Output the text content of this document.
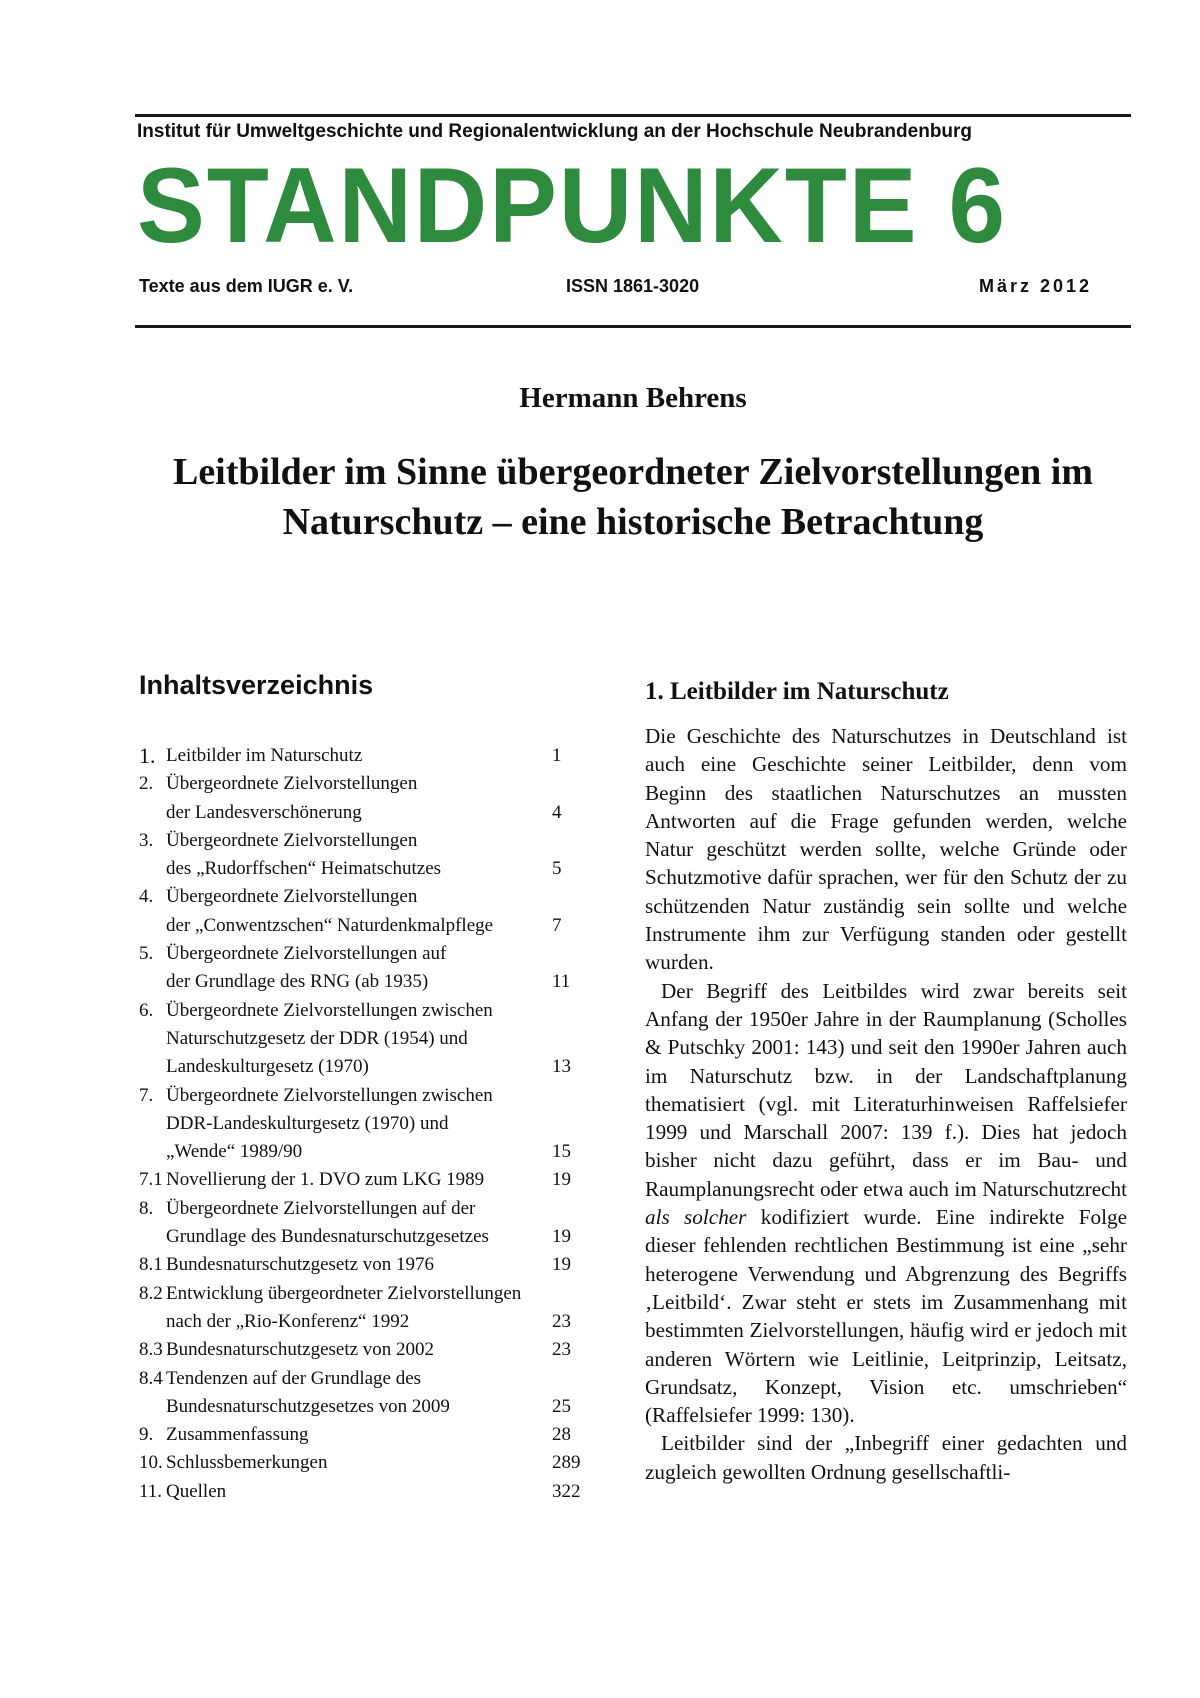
Institut für Umweltgeschichte und Regionalentwicklung an der Hochschule Neubrandenburg
STANDPUNKTE 6
Texte aus dem IUGR e. V.	ISSN 1861-3020	März 2012
Hermann Behrens
Leitbilder im Sinne übergeordneter Zielvorstellungen im
Naturschutz – eine historische Betrachtung
Inhaltsverzeichnis
1. Leitbilder im Naturschutz	1
2. Übergeordnete Zielvorstellungen
der Landesverschönerung	4
3. Übergeordnete Zielvorstellungen
des „Rudorffschen“ Heimatschutzes	5
4. Übergeordnete Zielvorstellungen
der „Conwentzschen“ Naturdenkmalpflege	7
5. Übergeordnete Zielvorstellungen auf
der Grundlage des RNG (ab 1935)	11
6. Übergeordnete Zielvorstellungen zwischen
Naturschutzgesetz der DDR (1954) und
Landeskulturgesetz (1970)	13
7. Übergeordnete Zielvorstellungen zwischen
DDR-Landeskulturgesetz (1970) und
„Wende“ 1989/90	15
7.1 Novellierung der 1. DVO zum LKG 1989	19
8. Übergeordnete Zielvorstellungen auf der
Grundlage des Bundesnaturschutzgesetzes	19
8.1 Bundesnaturschutzgesetz von 1976	19
8.2 Entwicklung übergeordneter Zielvorstellungen
nach der „Rio-Konferenz“ 1992	23
8.3 Bundesnaturschutzgesetz von 2002	23
8.4 Tendenzen auf der Grundlage des
Bundesnaturschutzgesetzes von 2009	25
9. Zusammenfassung	28
10. Schlussbemerkungen	289
11. Quellen	322
1. Leitbilder im Naturschutz

Die Geschichte des Naturschutzes in Deutschland ist auch eine Geschichte seiner Leitbilder, denn vom Beginn des staatlichen Naturschutzes an mussten Antworten auf die Frage gefunden werden, welche Natur geschützt werden sollte, welche Gründe oder Schutzmotive dafür sprachen, wer für den Schutz der zu schützenden Natur zuständig sein sollte und welche Instrumente ihm zur Verfügung standen oder gestellt wurden.

Der Begriff des Leitbildes wird zwar bereits seit Anfang der 1950er Jahre in der Raumplanung (Scholles & Putschky 2001: 143) und seit den 1990er Jahren auch im Naturschutz bzw. in der Landschaftplanung thematisiert (vgl. mit Literaturhinweisen Raffelsiefer 1999 und Marschall 2007: 139 f.). Dies hat jedoch bisher nicht dazu geführt, dass er im Bau- und Raumplanungsrecht oder etwa auch im Naturschutzrecht als solcher kodifiziert wurde. Eine indirekte Folge dieser fehlenden rechtlichen Bestimmung ist eine „sehr heterogene Verwendung und Abgrenzung des Begriffs ‚Leitbild‘. Zwar steht er stets im Zusammenhang mit bestimmten Zielvorstellungen, häufig wird er jedoch mit anderen Wörtern wie Leitlinie, Leitprinzip, Leitsatz, Grundsatz, Konzept, Vision etc. umschrieben“ (Raffelsiefer 1999: 130).

Leitbilder sind der „Inbegriff einer gedachten und zugleich gewollten Ordnung gesellschaftli-
